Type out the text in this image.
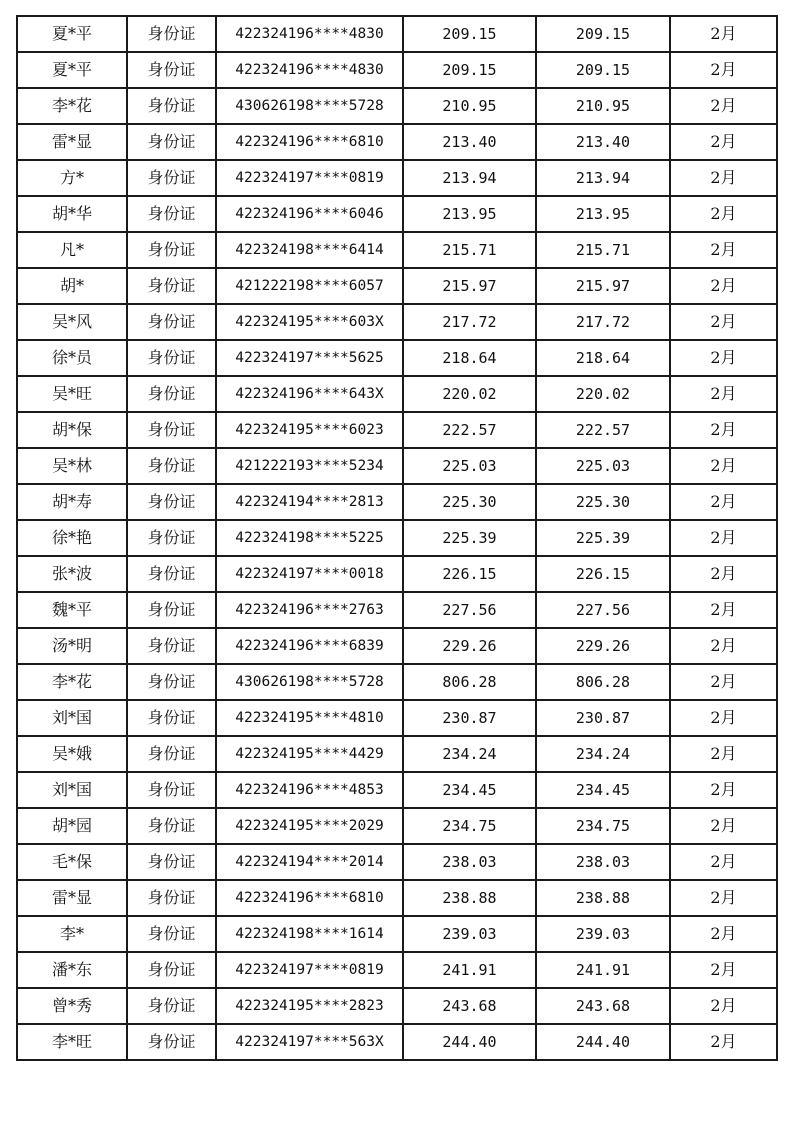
夏*平	身份证	422324196****4830	209.15	209.15	2月
夏*平	身份证	422324196****4830	209.15	209.15	2月
李*花	身份证	430626198****5728	210.95	210.95	2月
雷*显	身份证	422324196****6810	213.40	213.40	2月
方*	身份证	422324197****0819	213.94	213.94	2月
胡*华	身份证	422324196****6046	213.95	213.95	2月
凡*	身份证	422324198****6414	215.71	215.71	2月
胡*	身份证	421222198****6057	215.97	215.97	2月
吴*风	身份证	422324195****603X	217.72	217.72	2月
徐*员	身份证	422324197****5625	218.64	218.64	2月
吴*旺	身份证	422324196****643X	220.02	220.02	2月
胡*保	身份证	422324195****6023	222.57	222.57	2月
吴*林	身份证	421222193****5234	225.03	225.03	2月
胡*寿	身份证	422324194****2813	225.30	225.30	2月
徐*艳	身份证	422324198****5225	225.39	225.39	2月
张*波	身份证	422324197****0018	226.15	226.15	2月
魏*平	身份证	422324196****2763	227.56	227.56	2月
汤*明	身份证	422324196****6839	229.26	229.26	2月
李*花	身份证	430626198****5728	806.28	806.28	2月
刘*国	身份证	422324195****4810	230.87	230.87	2月
吴*娥	身份证	422324195****4429	234.24	234.24	2月
刘*国	身份证	422324196****4853	234.45	234.45	2月
胡*园	身份证	422324195****2029	234.75	234.75	2月
毛*保	身份证	422324194****2014	238.03	238.03	2月
雷*显	身份证	422324196****6810	238.88	238.88	2月
李*	身份证	422324198****1614	239.03	239.03	2月
潘*东	身份证	422324197****0819	241.91	241.91	2月
曾*秀	身份证	422324195****2823	243.68	243.68	2月
李*旺	身份证	422324197****563X	244.40	244.40	2月
